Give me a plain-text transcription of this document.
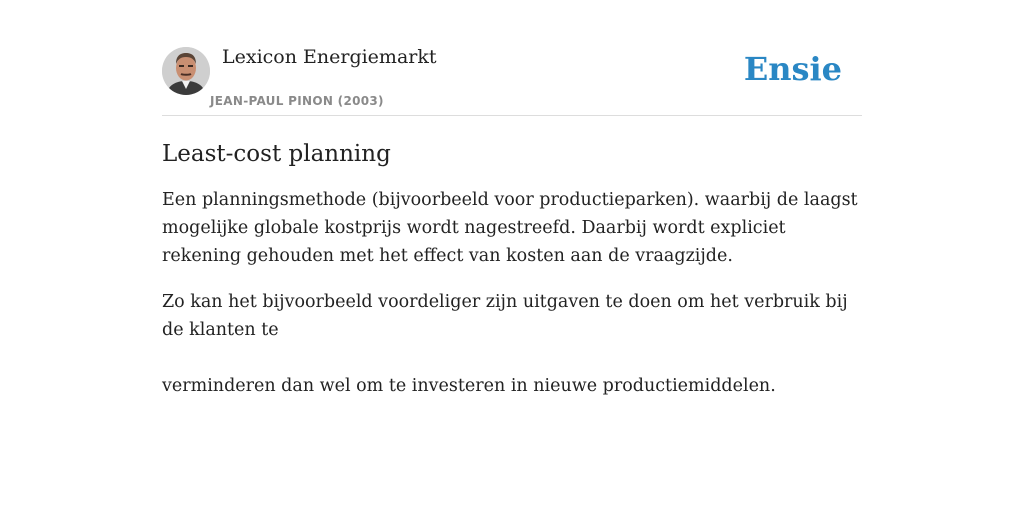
Lexicon Energiemarkt
JEAN-PAUL PINON (2003)
Ensie
Least-cost planning

Een planningsmethode (bijvoorbeeld voor productieparken). waarbij de laagst mogelijke globale kostprijs wordt nagestreefd. Daarbij wordt expliciet rekening gehouden met het effect van kosten aan de vraagzijde.

Zo kan het bijvoorbeeld voordeliger zijn uitgaven te doen om het verbruik bij de klanten te

verminderen dan wel om te investeren in nieuwe productiemiddelen.
